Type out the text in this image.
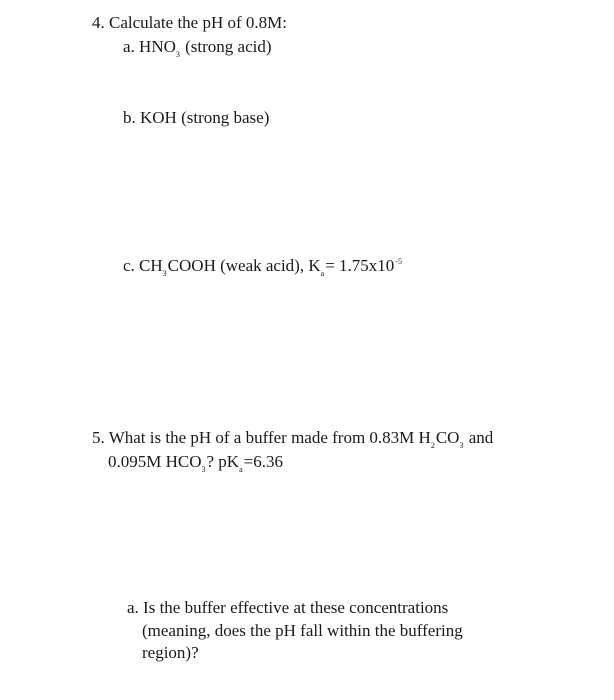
4. Calculate the pH of 0.8M:
a. $HNO_3$ (strong acid)
b. KOH (strong base)
c. $CH_3COOH$ (weak acid), $K_a= 1.75x10^{-5}$
5. What is the pH of a buffer made from 0.83M $H_2CO_3$ and
0.095M $HCO_3$? $pK_a=6.36$
a. Is the buffer effective at these concentrations
(meaning, does the pH fall within the buffering
region)?
